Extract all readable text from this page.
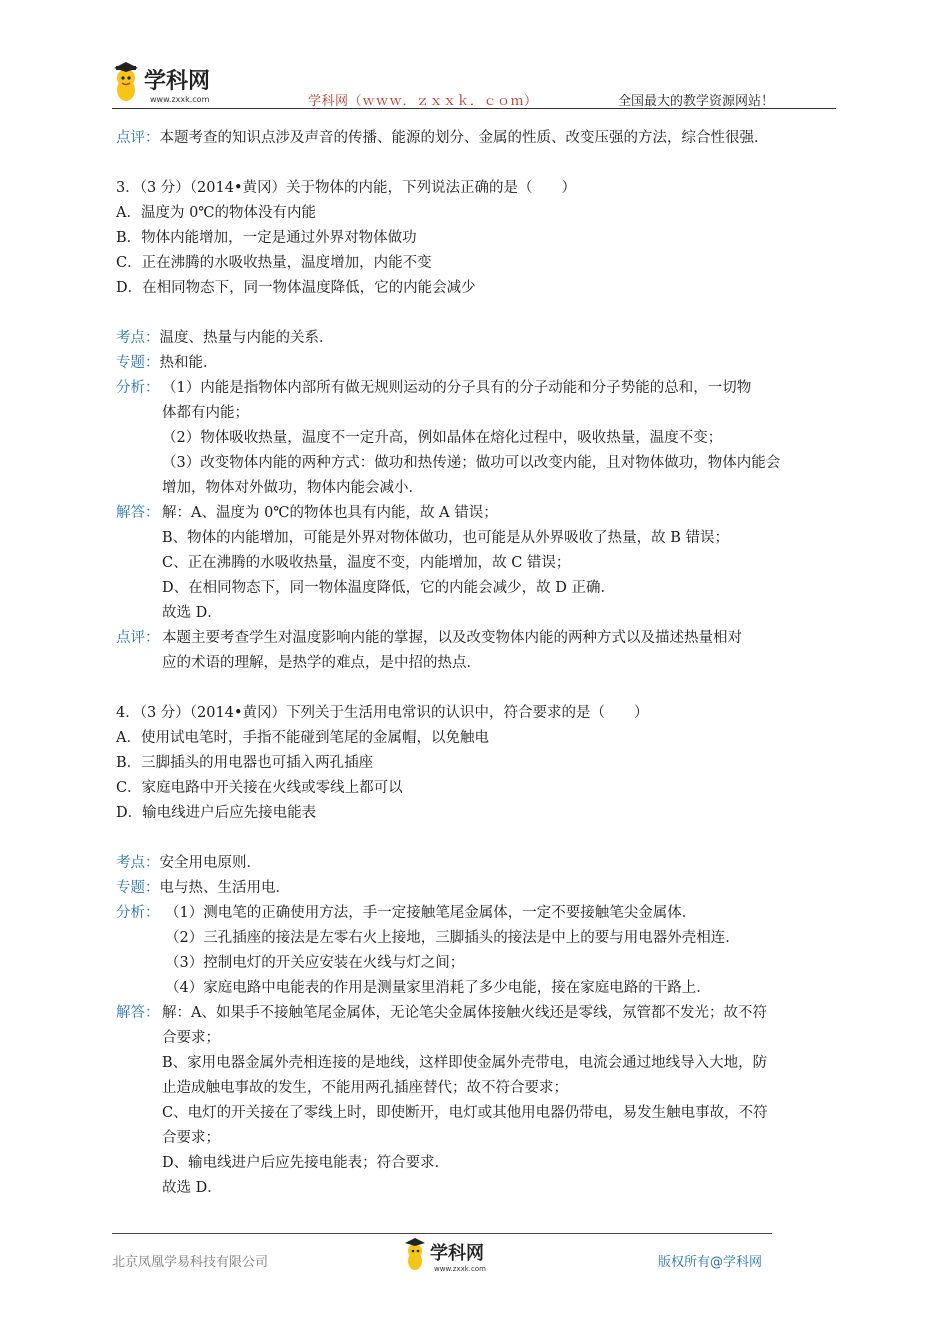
学科网
www.zxxk.com	学科网（ｗｗｗ．ｚｘｘｋ．ｃｏｍ）	全国最大的教学资源网站！
点评：本题考查的知识点涉及声音的传播、能源的划分、金属的性质、改变压强的方法，综合性很强．
3．（3 分）（2014•黄冈）关于物体的内能，下列说法正确的是（　　）
A．温度为 0℃的物体没有内能
B．物体内能增加，一定是通过外界对物体做功
C．正在沸腾的水吸收热量，温度增加，内能不变
D．在相同物态下，同一物体温度降低，它的内能会减少
考点：温度、热量与内能的关系．
专题：热和能．
分析： （1）内能是指物体内部所有做无规则运动的分子具有的分子动能和分子势能的总和，一切物
体都有内能；
（2）物体吸收热量，温度不一定升高，例如晶体在熔化过程中，吸收热量，温度不变；
（3）改变物体内能的两种方式：做功和热传递；做功可以改变内能，且对物体做功，物体内能会
增加，物体对外做功，物体内能会减小．
解答： 解：A、温度为 0℃的物体也具有内能，故 A 错误；
B、物体的内能增加，可能是外界对物体做功，也可能是从外界吸收了热量，故 B 错误；
C、正在沸腾的水吸收热量，温度不变，内能增加，故 C 错误；
D、在相同物态下，同一物体温度降低，它的内能会减少，故 D 正确．
故选 D．
点评： 本题主要考查学生对温度影响内能的掌握，以及改变物体内能的两种方式以及描述热量相对
应的术语的理解，是热学的难点，是中招的热点．
4．（3 分）（2014•黄冈）下列关于生活用电常识的认识中，符合要求的是（　　）
A．使用试电笔时，手指不能碰到笔尾的金属帽，以免触电
B．三脚插头的用电器也可插入两孔插座
C．家庭电路中开关接在火线或零线上都可以
D．输电线进户后应先接电能表
考点：安全用电原则．
专题：电与热、生活用电．
分析： （1）测电笔的正确使用方法，手一定接触笔尾金属体，一定不要接触笔尖金属体．
（2）三孔插座的接法是左零右火上接地，三脚插头的接法是中上的要与用电器外壳相连．
（3）控制电灯的开关应安装在火线与灯之间；
（4）家庭电路中电能表的作用是测量家里消耗了多少电能，接在家庭电路的干路上．
解答： 解：A、如果手不接触笔尾金属体，无论笔尖金属体接触火线还是零线，氖管都不发光；故不符
合要求；
B、家用电器金属外壳相连接的是地线，这样即使金属外壳带电，电流会通过地线导入大地，防
止造成触电事故的发生，不能用两孔插座替代；故不符合要求；
C、电灯的开关接在了零线上时，即使断开，电灯或其他用电器仍带电，易发生触电事故，不符
合要求；
D、输电线进户后应先接电能表；符合要求．
故选 D．
北京凤凰学易科技有限公司	学科网
www.zxxk.com	版权所有@学科网
